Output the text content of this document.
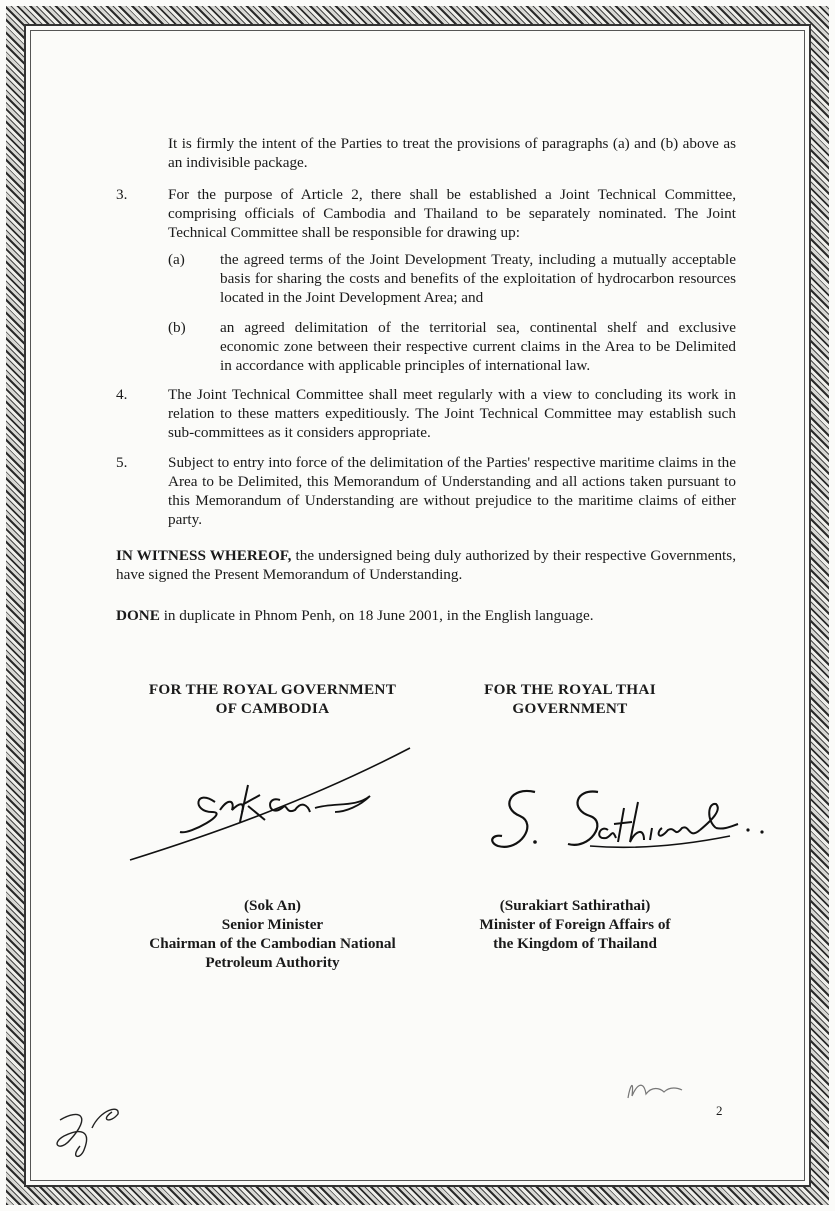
It is firmly the intent of the Parties to treat the provisions of paragraphs (a) and (b) above as an indivisible package.
3.	For the purpose of Article 2, there shall be established a Joint Technical Committee, comprising officials of Cambodia and Thailand to be separately nominated. The Joint Technical Committee shall be responsible for drawing up:
(a) the agreed terms of the Joint Development Treaty, including a mutually acceptable basis for sharing the costs and benefits of the exploitation of hydrocarbon resources located in the Joint Development Area; and
(b) an agreed delimitation of the territorial sea, continental shelf and exclusive economic zone between their respective current claims in the Area to be Delimited in accordance with applicable principles of international law.
4.	The Joint Technical Committee shall meet regularly with a view to concluding its work in relation to these matters expeditiously. The Joint Technical Committee may establish such sub-committees as it considers appropriate.
5.	Subject to entry into force of the delimitation of the Parties' respective maritime claims in the Area to be Delimited, this Memorandum of Understanding and all actions taken pursuant to this Memorandum of Understanding are without prejudice to the maritime claims of either party.
IN WITNESS WHEREOF, the undersigned being duly authorized by their respective Governments, have signed the Present Memorandum of Understanding.
DONE in duplicate in Phnom Penh, on 18 June 2001, in the English language.
FOR THE ROYAL GOVERNMENT
OF CAMBODIA
FOR THE ROYAL THAI
GOVERNMENT
(Sok An)
Senior Minister
Chairman of the Cambodian National
Petroleum Authority
(Surakiart Sathirathai)
Minister of Foreign Affairs of
the Kingdom of Thailand
2
